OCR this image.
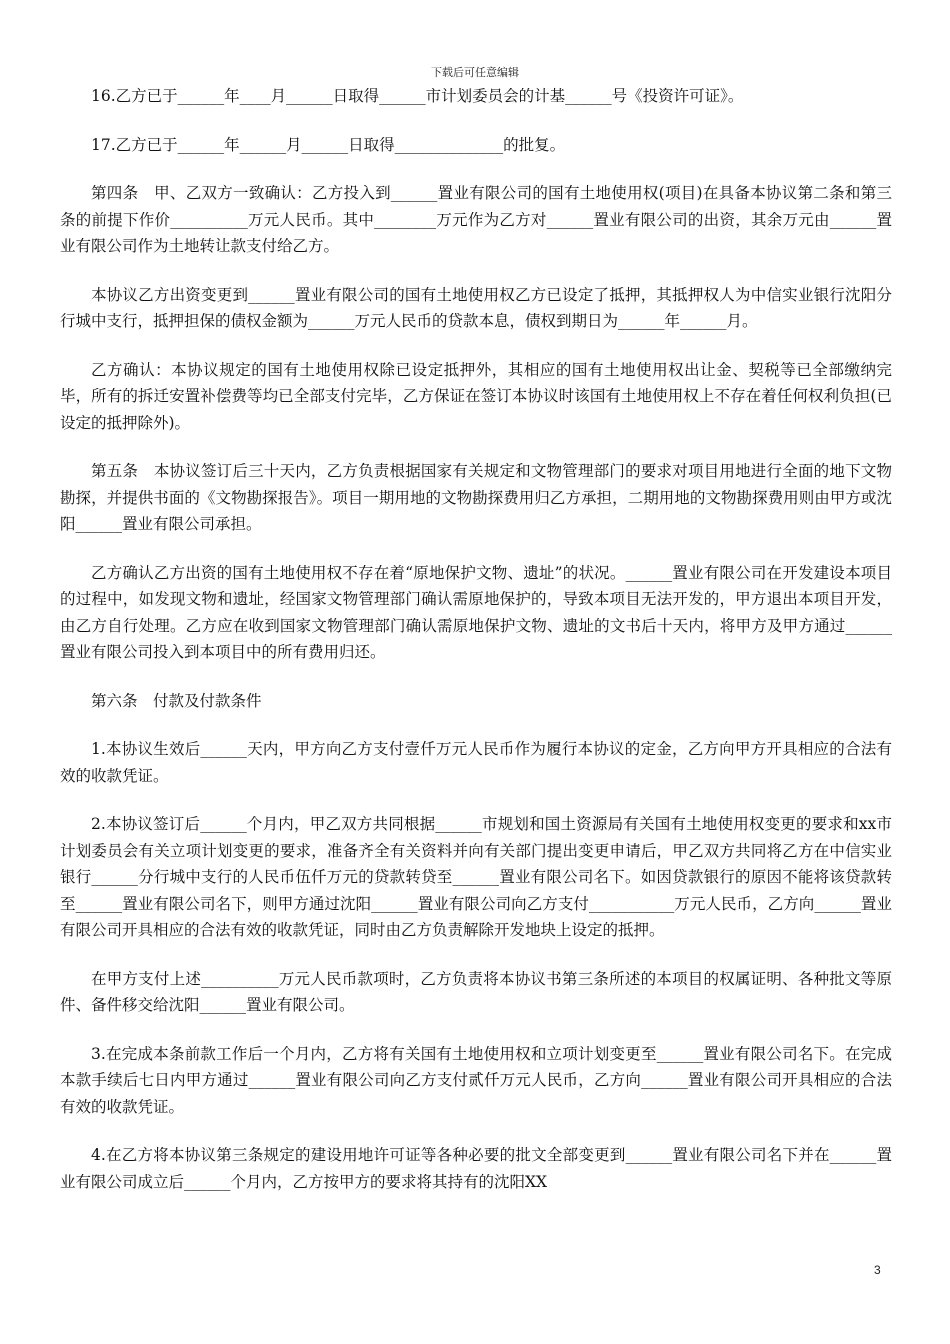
下载后可任意编辑

16.乙方已于______年____月______日取得______市计划委员会的计基______号《投资许可证》。

17.乙方已于______年______月______日取得______________的批复。

第四条　甲、乙双方一致确认：乙方投入到______置业有限公司的国有土地使用权(项目)在具备本协议第二条和第三条的前提下作价__________万元人民币。其中________万元作为乙方对______置业有限公司的出资，其余万元由______置业有限公司作为土地转让款支付给乙方。

本协议乙方出资变更到______置业有限公司的国有土地使用权乙方已设定了抵押，其抵押权人为中信实业银行沈阳分行城中支行，抵押担保的债权金额为______万元人民币的贷款本息，债权到期日为______年______月。

乙方确认：本协议规定的国有土地使用权除已设定抵押外，其相应的国有土地使用权出让金、契税等已全部缴纳完毕，所有的拆迁安置补偿费等均已全部支付完毕，乙方保证在签订本协议时该国有土地使用权上不存在着任何权利负担(已设定的抵押除外)。

第五条　本协议签订后三十天内，乙方负责根据国家有关规定和文物管理部门的要求对项目用地进行全面的地下文物勘探，并提供书面的《文物勘探报告》。项目一期用地的文物勘探费用归乙方承担，二期用地的文物勘探费用则由甲方或沈阳______置业有限公司承担。

乙方确认乙方出资的国有土地使用权不存在着“原地保护文物、遗址”的状况。______置业有限公司在开发建设本项目的过程中，如发现文物和遗址，经国家文物管理部门确认需原地保护的，导致本项目无法开发的，甲方退出本项目开发，由乙方自行处理。乙方应在收到国家文物管理部门确认需原地保护文物、遗址的文书后十天内，将甲方及甲方通过______置业有限公司投入到本项目中的所有费用归还。

第六条　付款及付款条件

1.本协议生效后______天内，甲方向乙方支付壹仟万元人民币作为履行本协议的定金，乙方向甲方开具相应的合法有效的收款凭证。

2.本协议签订后______个月内，甲乙双方共同根据______市规划和国土资源局有关国有土地使用权变更的要求和xx市计划委员会有关立项计划变更的要求，准备齐全有关资料并向有关部门提出变更申请后，甲乙双方共同将乙方在中信实业银行______分行城中支行的人民币伍仟万元的贷款转贷至______置业有限公司名下。如因贷款银行的原因不能将该贷款转至______置业有限公司名下，则甲方通过沈阳______置业有限公司向乙方支付___________万元人民币，乙方向______置业有限公司开具相应的合法有效的收款凭证，同时由乙方负责解除开发地块上设定的抵押。

在甲方支付上述__________万元人民币款项时，乙方负责将本协议书第三条所述的本项目的权属证明、各种批文等原件、备件移交给沈阳______置业有限公司。

3.在完成本条前款工作后一个月内，乙方将有关国有土地使用权和立项计划变更至______置业有限公司名下。在完成本款手续后七日内甲方通过______置业有限公司向乙方支付贰仟万元人民币，乙方向______置业有限公司开具相应的合法有效的收款凭证。

4.在乙方将本协议第三条规定的建设用地许可证等各种必要的批文全部变更到______置业有限公司名下并在______置业有限公司成立后______个月内，乙方按甲方的要求将其持有的沈阳XX

3
